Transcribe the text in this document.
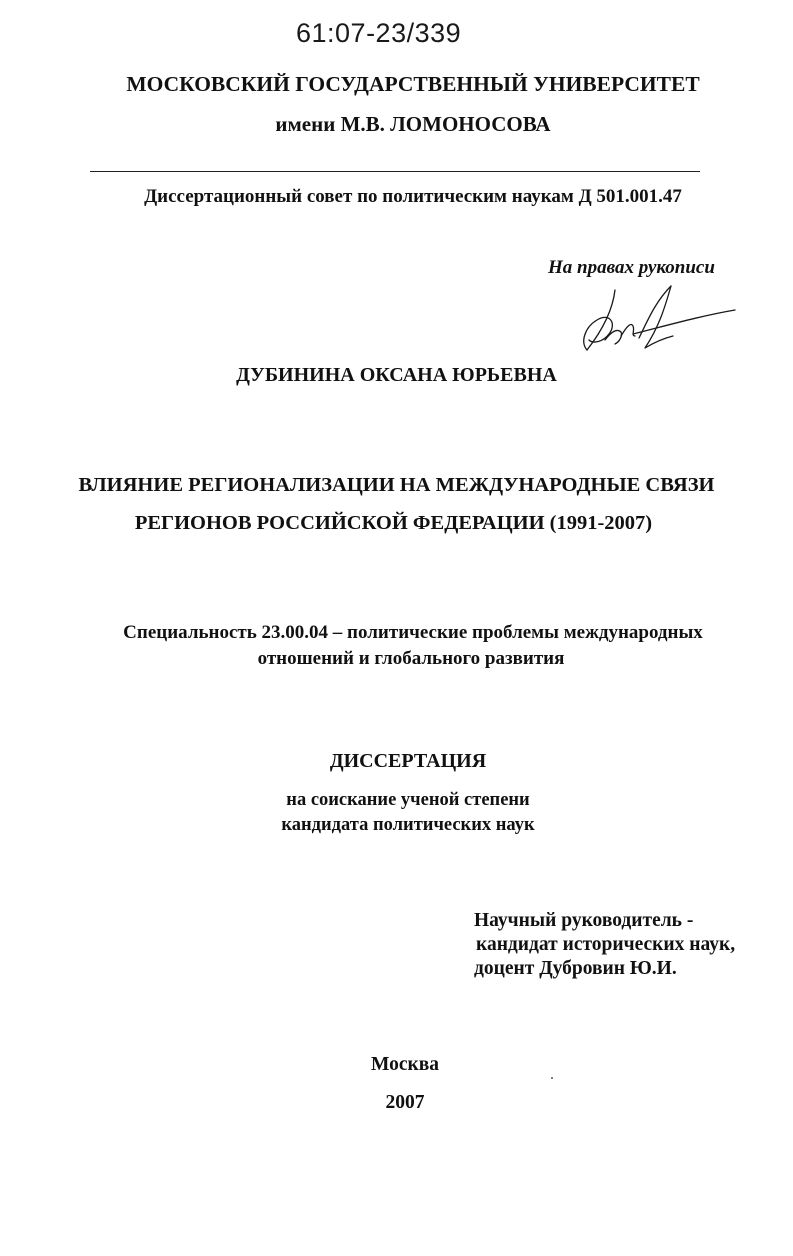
61:07-23/339
МОСКОВСКИЙ ГОСУДАРСТВЕННЫЙ УНИВЕРСИТЕТ
имени М.В. ЛОМОНОСОВА
Диссертационный совет по политическим наукам Д 501.001.47
На правах рукописи
ДУБИНИНА ОКСАНА ЮРЬЕВНА
ВЛИЯНИЕ РЕГИОНАЛИЗАЦИИ НА МЕЖДУНАРОДНЫЕ СВЯЗИ
РЕГИОНОВ РОССИЙСКОЙ ФЕДЕРАЦИИ (1991-2007)
Специальность 23.00.04 – политические проблемы международных
отношений и глобального развития
ДИССЕРТАЦИЯ
на соискание ученой степени
кандидата политических наук
Научный руководитель -
кандидат исторических наук,
доцент Дубровин Ю.И.
Москва
2007
